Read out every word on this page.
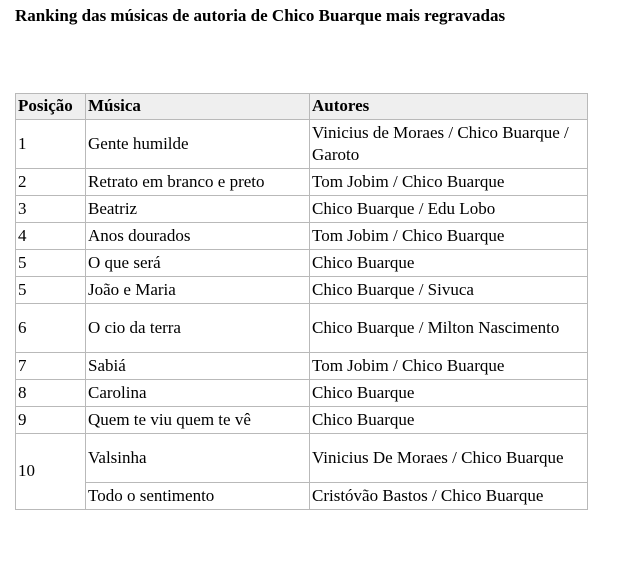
Ranking das músicas de autoria de Chico Buarque mais regravadas
Posição	Música	Autores
1	Gente humilde	Vinicius de Moraes / Chico Buarque / Garoto
2	Retrato em branco e preto	Tom Jobim / Chico Buarque
3	Beatriz	Chico Buarque / Edu Lobo
4	Anos dourados	Tom Jobim / Chico Buarque
5	O que será	Chico Buarque
5	João e Maria	Chico Buarque / Sivuca
6	O cio da terra	Chico Buarque / Milton Nascimento
7	Sabiá	Tom Jobim / Chico Buarque
8	Carolina	Chico Buarque
9	Quem te viu quem te vê	Chico Buarque
10	Valsinha	Vinicius De Moraes / Chico Buarque
	Todo o sentimento	Cristóvão Bastos / Chico Buarque
